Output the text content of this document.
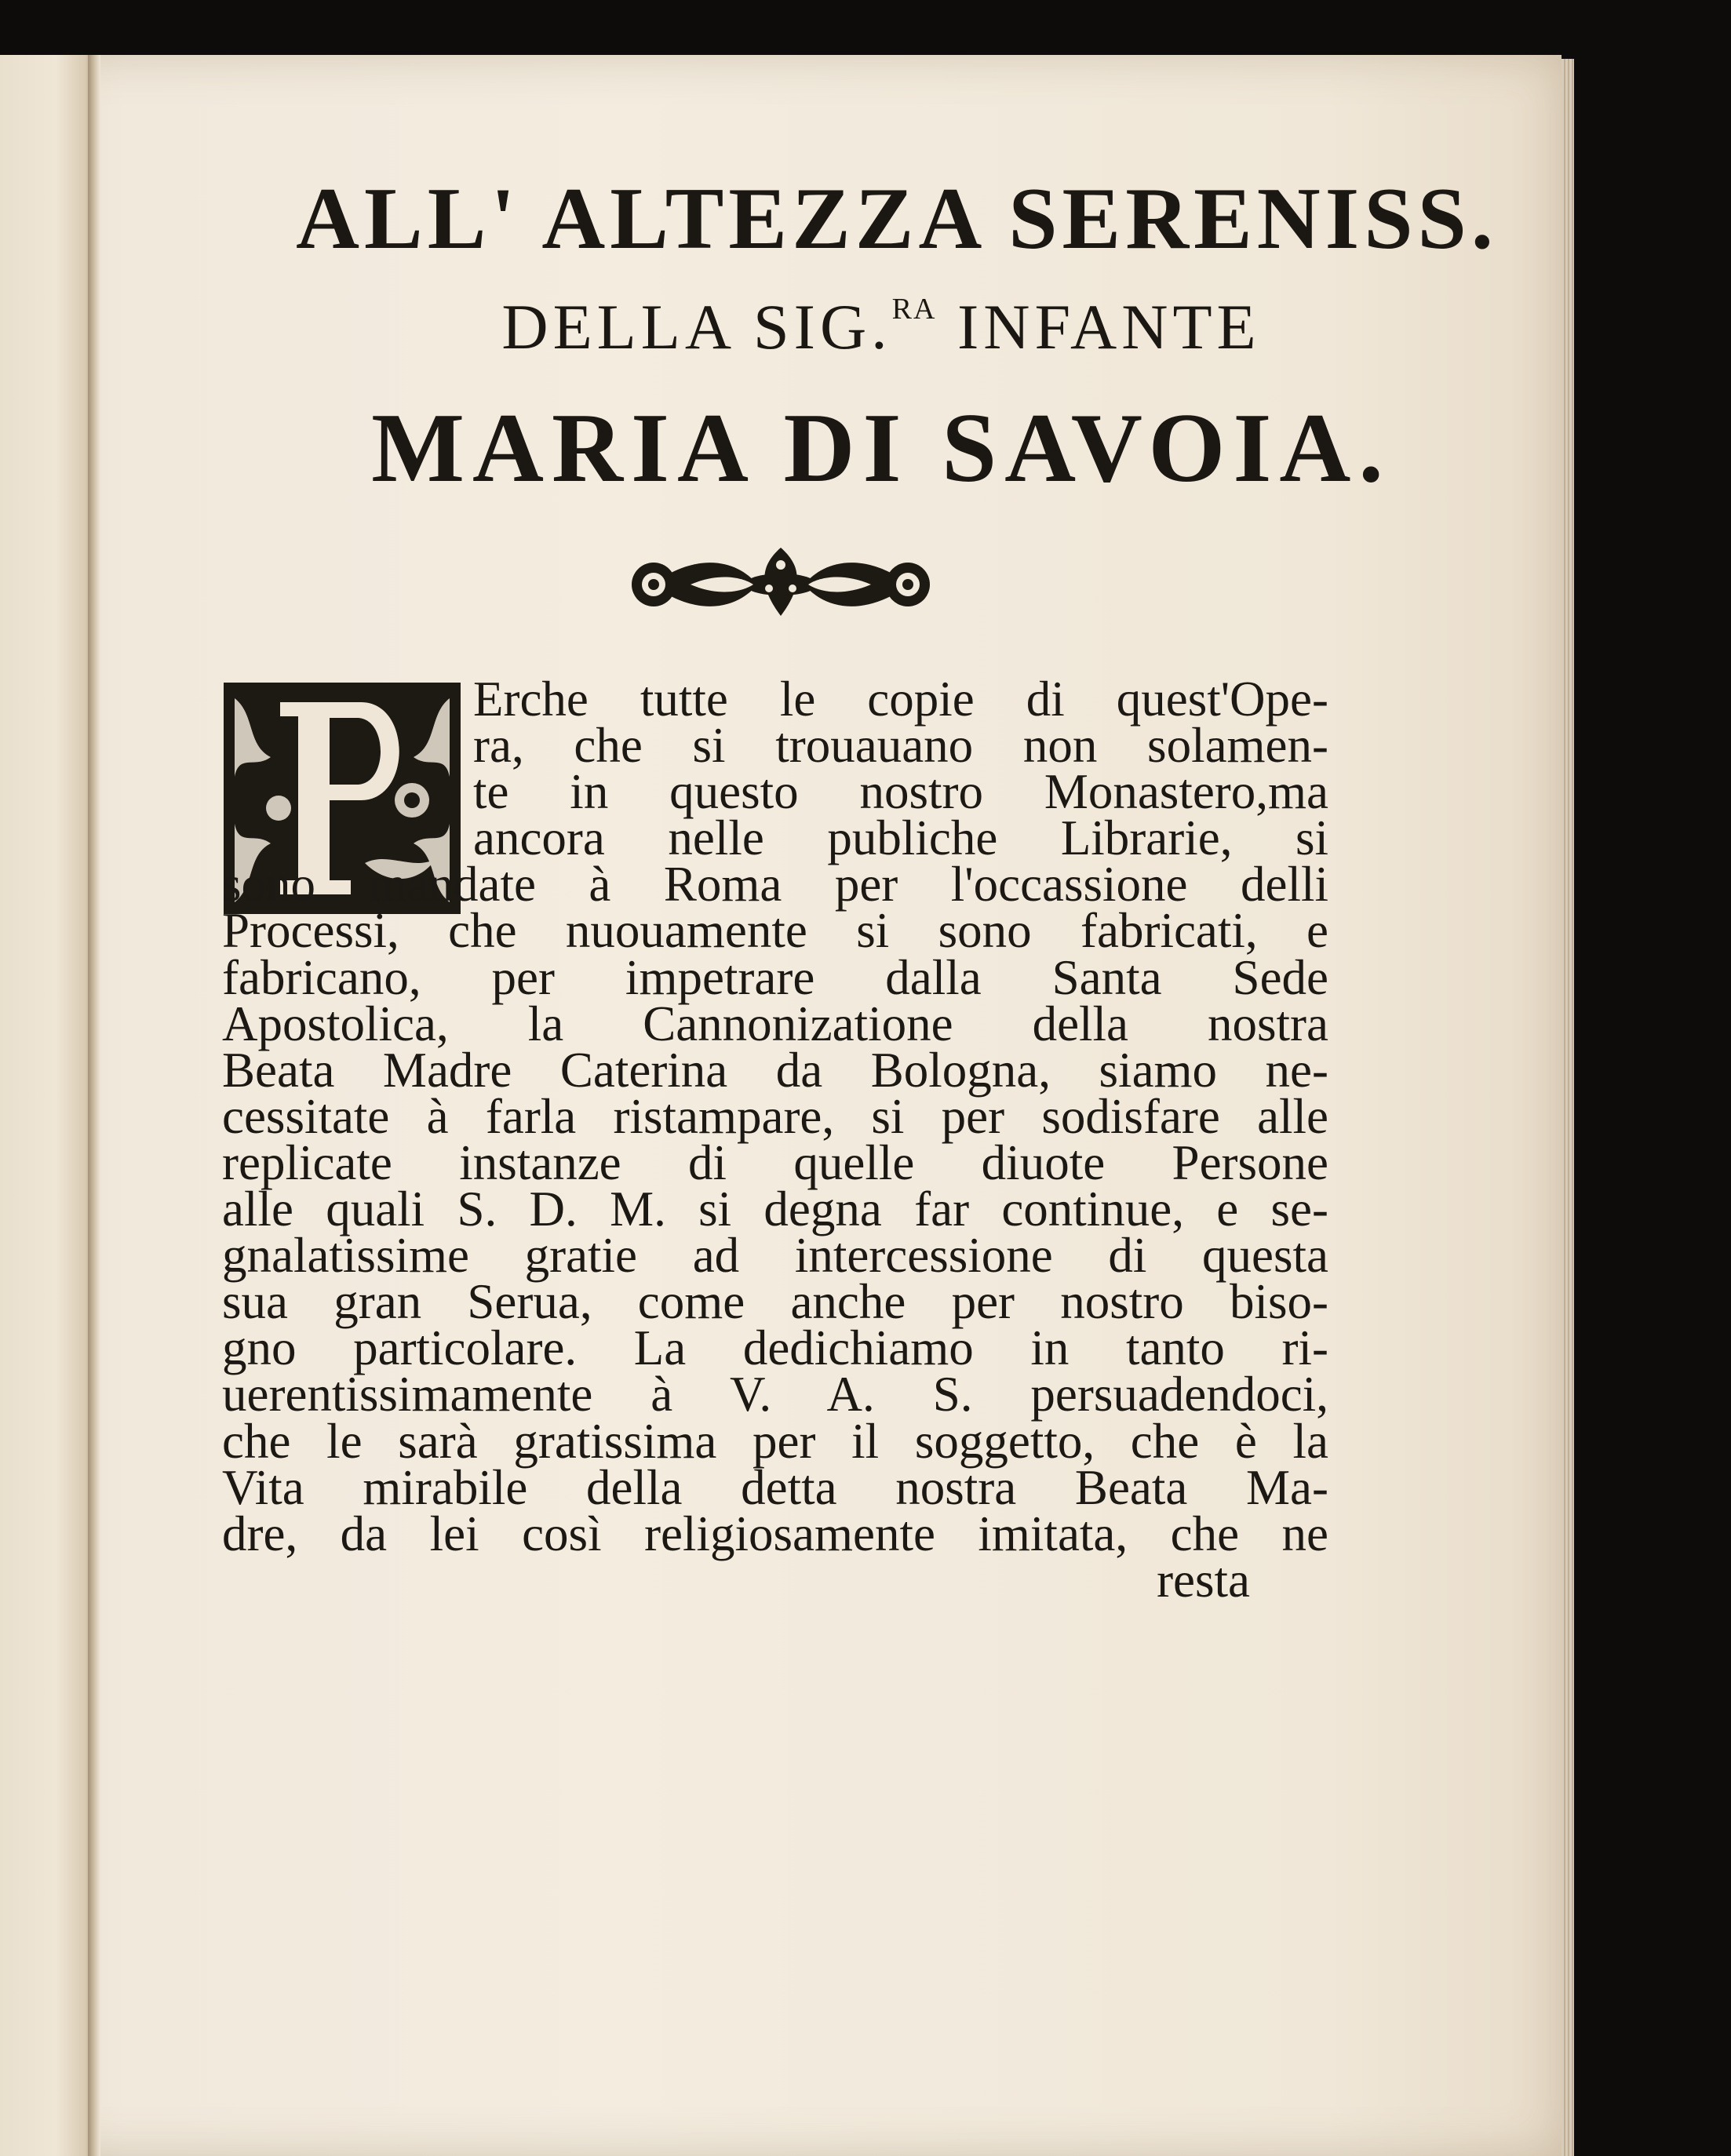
ALL' ALTEZZA SERENISS.
DELLA SIG.$^{RA}$ INFANTE
MARIA DI SAVOIA.
Erche tutte le copie di quest'Ope-
ra, che si trouauano non solamen-
te in questo nostro Monastero,ma
ancora nelle publiche Librarie, si
sono mandate à Roma per l'occassione delli
Processi, che nuouamente si sono fabricati, e
fabricano, per impetrare dalla Santa Sede
Apostolica, la Cannonizatione della nostra
Beata Madre Caterina da Bologna, siamo ne-
cessitate à farla ristampare, si per sodisfare alle
replicate instanze di quelle diuote Persone
alle quali S. D. M. si degna far continue, e se-
gnalatissime gratie ad intercessione di questa
sua gran Serua, come anche per nostro biso-
gno particolare. La dedichiamo in tanto ri-
uerentissimamente à V. A. S. persuadendoci,
che le sarà gratissima per il soggetto, che è la
Vita mirabile della detta nostra Beata Ma-
dre, da lei così religiosamente imitata, che ne
resta
